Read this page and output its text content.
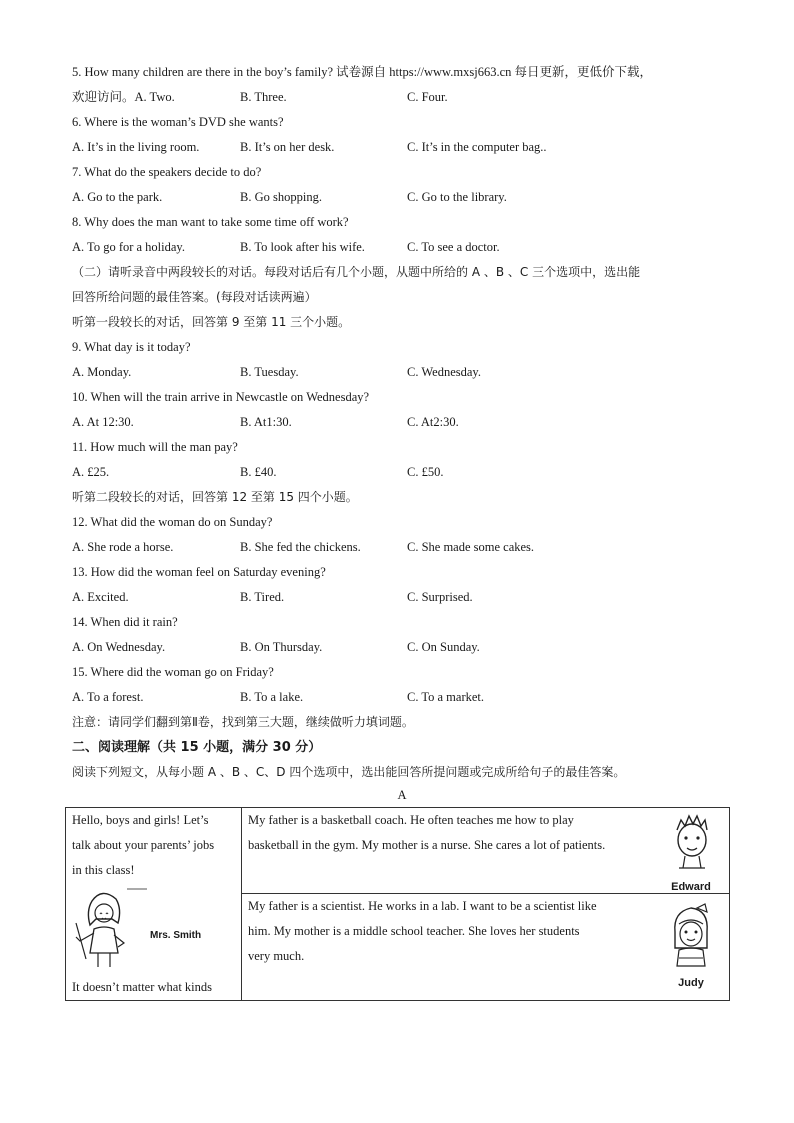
5. How many children are there in the boy’s family? 试卷源自 https://www.mxsj663.cn 每日更新，更低价下载，
欢迎访问。A. Two.	B. Three.	C. Four.
6. Where is the woman’s DVD she wants?
A. It’s in the living room.	B. It’s on her desk.	C. It’s in the computer bag..
7. What do the speakers decide to do?
A. Go to the park.	B. Go shopping.	C. Go to the library.
8. Why does the man want to take some time off work?
A. To go for a holiday.	B. To look after his wife.	C. To see a doctor.
（二）请听录音中两段较长的对话。每段对话后有几个小题，从题中所给的 A 、B 、C 三个选项中，选出能
回答所给问题的最佳答案。(每段对话读两遍）
听第一段较长的对话，回答第 9 至第 11 三个小题。
9. What day is it today?
A. Monday.	B. Tuesday.	C. Wednesday.
10. When will the train arrive in Newcastle on Wednesday?
A. At 12:30.	B. At1:30.	C. At2:30.
11. How much will the man pay?
A. £25.	B. £40.	C. £50.
听第二段较长的对话，回答第 12 至第 15 四个小题。
12. What did the woman do on Sunday?
A. She rode a horse.	B. She fed the chickens.	C. She made some cakes.
13. How did the woman feel on Saturday evening?
A. Excited.	B. Tired.	C. Surprised.
14. When did it rain?
A. On Wednesday.	B. On Thursday.	C. On Sunday.
15. Where did the woman go on Friday?
A. To a forest.	B. To a lake.	C. To a market.
注意：请同学们翻到第Ⅱ卷，找到第三大题，继续做听力填词题。
二、阅读理解（共 15 小题，满分 30 分）
阅读下列短文，从每小题 A 、B 、C、D 四个选项中，选出能回答所提问题或完成所给句子的最佳答案。
A
Hello, boys and girls! Let’s
talk about your parents’ jobs
in this class!
Mrs. Smith
It doesn’t matter what kinds

My father is a basketball coach. He often teaches me how to play
basketball in the gym. My mother is a nurse. She cares a lot of patients.
Edward

My father is a scientist. He works in a lab. I want to be a scientist like
him. My mother is a middle school teacher. She loves her students
very much.
Judy
